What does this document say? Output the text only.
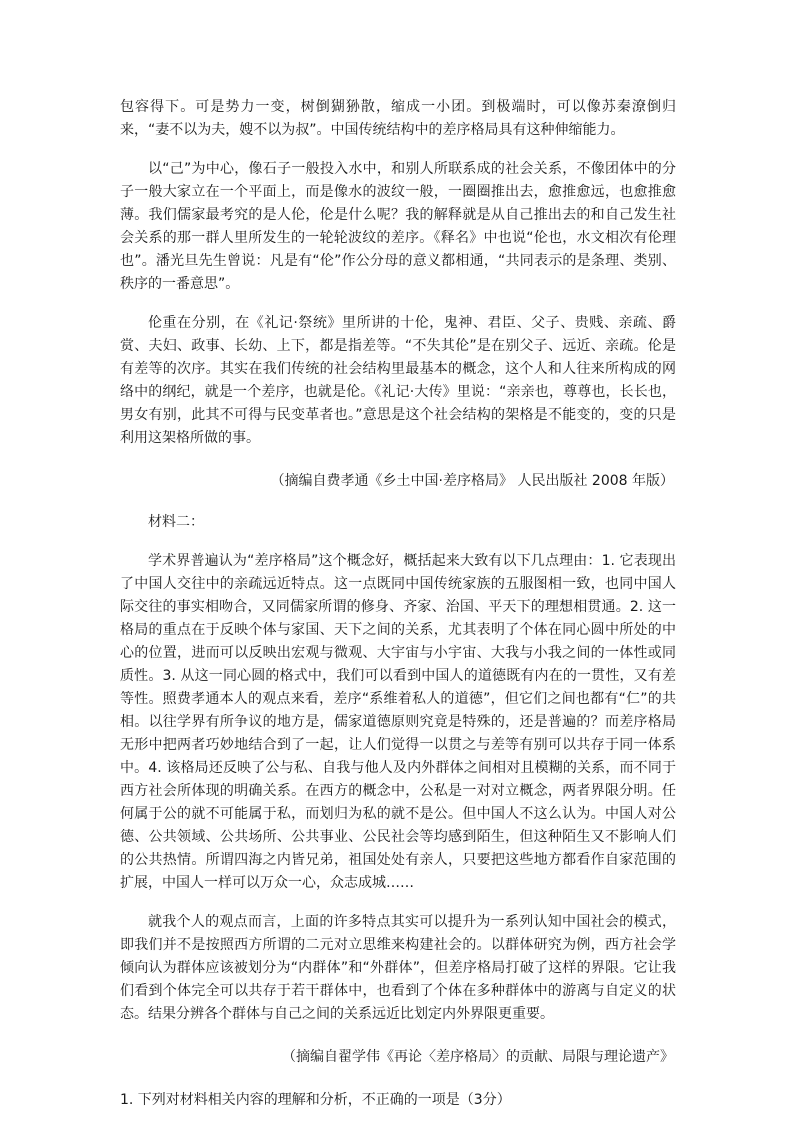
包容得下。可是势力一变，树倒猢狲散，缩成一小团。到极端时，可以像苏秦潦倒归来，“妻不以为夫，嫂不以为叔”。中国传统结构中的差序格局具有这种伸缩能力。

以“己”为中心，像石子一般投入水中，和别人所联系成的社会关系，不像团体中的分子一般大家立在一个平面上，而是像水的波纹一般，一圈圈推出去，愈推愈远，也愈推愈薄。我们儒家最考究的是人伦，伦是什么呢？我的解释就是从自己推出去的和自己发生社会关系的那一群人里所发生的一轮轮波纹的差序。《释名》中也说“伦也，水文相次有伦理也”。潘光旦先生曾说：凡是有“伦”作公分母的意义都相通，“共同表示的是条理、类别、秩序的一番意思”。

伦重在分别，在《礼记·祭统》里所讲的十伦，鬼神、君臣、父子、贵贱、亲疏、爵赏、夫妇、政事、长幼、上下，都是指差等。“不失其伦”是在别父子、远近、亲疏。伦是有差等的次序。其实在我们传统的社会结构里最基本的概念，这个人和人往来所构成的网络中的纲纪，就是一个差序，也就是伦。《礼记·大传》里说：“亲亲也，尊尊也，长长也，男女有别，此其不可得与民变革者也。”意思是这个社会结构的架格是不能变的，变的只是利用这架格所做的事。

（摘编自费孝通《乡土中国·差序格局》 人民出版社 2008 年版）

材料二：

学术界普遍认为“差序格局”这个概念好，概括起来大致有以下几点理由：1. 它表现出了中国人交往中的亲疏远近特点。这一点既同中国传统家族的五服图相一致，也同中国人际交往的事实相吻合，又同儒家所谓的修身、齐家、治国、平天下的理想相贯通。2. 这一格局的重点在于反映个体与家国、天下之间的关系，尤其表明了个体在同心圆中所处的中心的位置，进而可以反映出宏观与微观、大宇宙与小宇宙、大我与小我之间的一体性或同质性。3. 从这一同心圆的格式中，我们可以看到中国人的道德既有内在的一贯性，又有差等性。照费孝通本人的观点来看，差序“系维着私人的道德”，但它们之间也都有“仁”的共相。以往学界有所争议的地方是，儒家道德原则究竟是特殊的，还是普遍的？而差序格局无形中把两者巧妙地结合到了一起，让人们觉得一以贯之与差等有别可以共存于同一体系中。4. 该格局还反映了公与私、自我与他人及内外群体之间相对且模糊的关系，而不同于西方社会所体现的明确关系。在西方的概念中，公私是一对对立概念，两者界限分明。任何属于公的就不可能属于私，而划归为私的就不是公。但中国人不这么认为。中国人对公德、公共领域、公共场所、公共事业、公民社会等均感到陌生，但这种陌生又不影响人们的公共热情。所谓四海之内皆兄弟，祖国处处有亲人，只要把这些地方都看作自家范围的扩展，中国人一样可以万众一心，众志成城……

就我个人的观点而言，上面的许多特点其实可以提升为一系列认知中国社会的模式，即我们并不是按照西方所谓的二元对立思维来构建社会的。以群体研究为例，西方社会学倾向认为群体应该被划分为“内群体”和“外群体”，但差序格局打破了这样的界限。它让我们看到个体完全可以共存于若干群体中，也看到了个体在多种群体中的游离与自定义的状态。结果分辨各个群体与自己之间的关系远近比划定内外界限更重要。

（摘编自翟学伟《再论〈差序格局〉的贡献、局限与理论遗产》

1. 下列对材料相关内容的理解和分析，不正确的一项是（3分）
